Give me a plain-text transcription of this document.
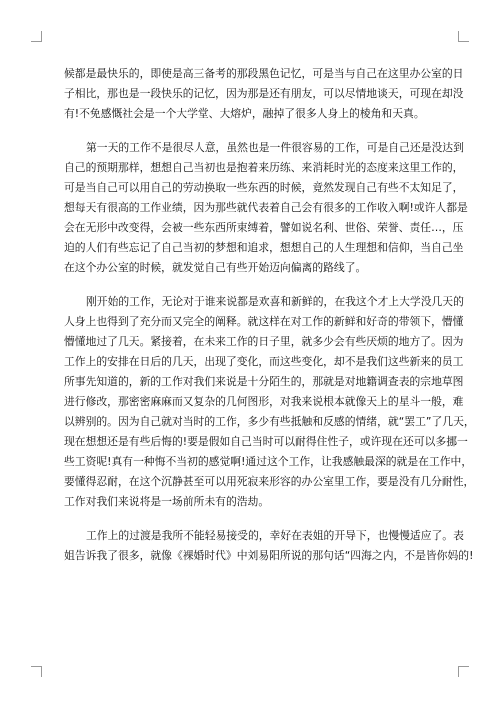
候都是最快乐的，即使是高三备考的那段黑色记忆，可是当与自己在这里办公室的日
子相比，那也是一段快乐的记忆，因为那是还有朋友，可以尽情地谈天，可现在却没
有!不免感慨社会是一个大学堂、大熔炉，融掉了很多人身上的棱角和天真。
第一天的工作不是很尽人意，虽然也是一件很容易的工作，可是自己还是没达到
自己的预期那样，想想自己当初也是抱着来历练、来消耗时光的态度来这里工作的，
可是当自己可以用自己的劳动换取一些东西的时候，竟然发现自己有些不太知足了，
想每天有很高的工作业绩，因为那些就代表着自己会有很多的工作收入啊!或许人都是
会在无形中改变得，会被一些东西所束缚着，譬如说名利、世俗、荣誉、责任…，压
迫的人们有些忘记了自己当初的梦想和追求，想想自己的人生理想和信仰，当自己坐
在这个办公室的时候，就发觉自己有些开始迈向偏离的路线了。
刚开始的工作，无论对于谁来说都是欢喜和新鲜的，在我这个才上大学没几天的
人身上也得到了充分而又完全的阐释。就这样在对工作的新鲜和好奇的带领下，懵懂
懵懂地过了几天。紧接着，在未来工作的日子里，就多少会有些厌烦的地方了。因为
工作上的安排在日后的几天，出现了变化，而这些变化，却不是我们这些新来的员工
所事先知道的，新的工作对我们来说是十分陌生的，那就是对地籍调查表的宗地草图
进行修改，那密密麻麻而又复杂的几何图形，对我来说根本就像天上的星斗一般，难
以辨别的。因为自己就对当时的工作，多少有些抵触和反感的情绪，就“罢工”了几天，
现在想想还是有些后悔的!要是假如自己当时可以耐得住性子，或许现在还可以多挪一
些工资呢!真有一种悔不当初的感觉啊!通过这个工作，让我感触最深的就是在工作中，
要懂得忍耐，在这个沉静甚至可以用死寂来形容的办公室里工作，要是没有几分耐性，
工作对我们来说将是一场前所未有的浩劫。
工作上的过渡是我所不能轻易接受的，幸好在表姐的开导下，也慢慢适应了。表
姐告诉我了很多，就像《裸婚时代》中刘易阳所说的那句话“四海之内，不是皆你妈的!
